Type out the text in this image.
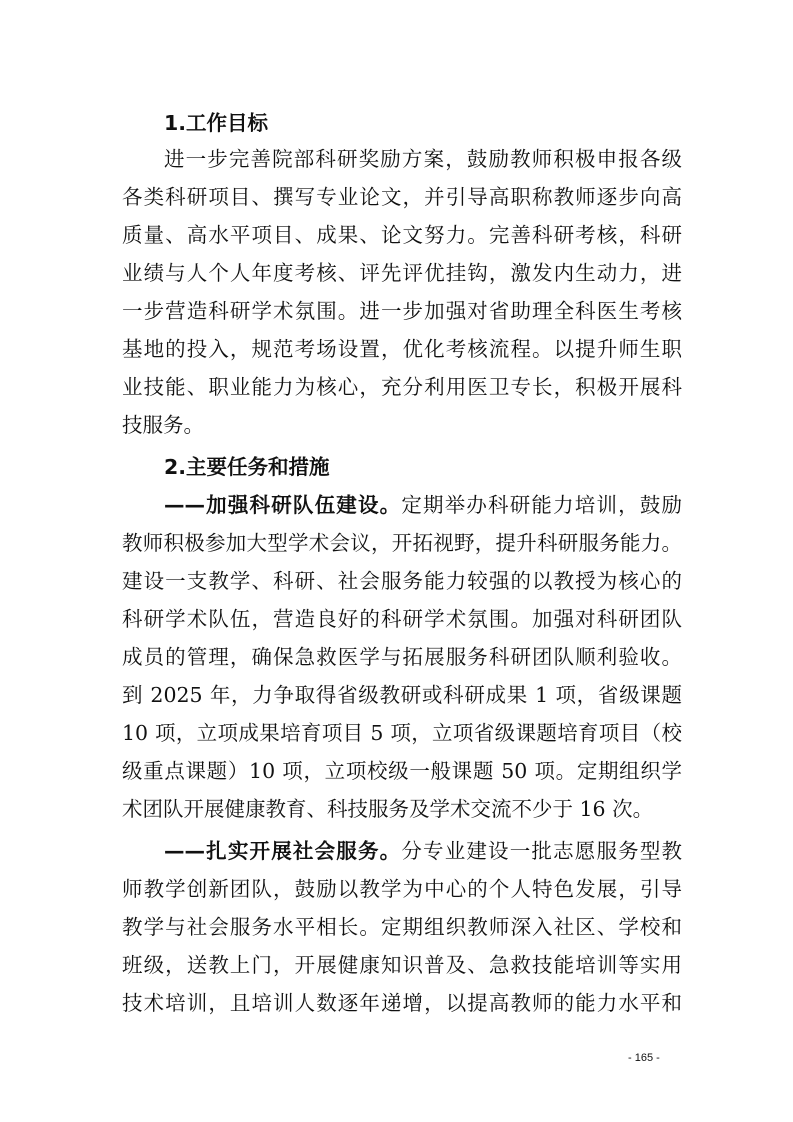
1.工作目标
进一步完善院部科研奖励方案，鼓励教师积极申报各级
各类科研项目、撰写专业论文，并引导高职称教师逐步向高
质量、高水平项目、成果、论文努力。完善科研考核，科研
业绩与人个人年度考核、评先评优挂钩，激发内生动力，进
一步营造科研学术氛围。进一步加强对省助理全科医生考核
基地的投入，规范考场设置，优化考核流程。以提升师生职
业技能、职业能力为核心，充分利用医卫专长，积极开展科
技服务。
2.主要任务和措施
——加强科研队伍建设。定期举办科研能力培训，鼓励
教师积极参加大型学术会议，开拓视野，提升科研服务能力。
建设一支教学、科研、社会服务能力较强的以教授为核心的
科研学术队伍，营造良好的科研学术氛围。加强对科研团队
成员的管理，确保急救医学与拓展服务科研团队顺利验收。
到 2025 年，力争取得省级教研或科研成果 1 项，省级课题
10 项，立项成果培育项目 5 项，立项省级课题培育项目（校
级重点课题）10 项，立项校级一般课题 50 项。定期组织学
术团队开展健康教育、科技服务及学术交流不少于 16 次。
——扎实开展社会服务。分专业建设一批志愿服务型教
师教学创新团队，鼓励以教学为中心的个人特色发展，引导
教学与社会服务水平相长。定期组织教师深入社区、学校和
班级，送教上门，开展健康知识普及、急救技能培训等实用
技术培训，且培训人数逐年递增，以提高教师的能力水平和
- 165 -
